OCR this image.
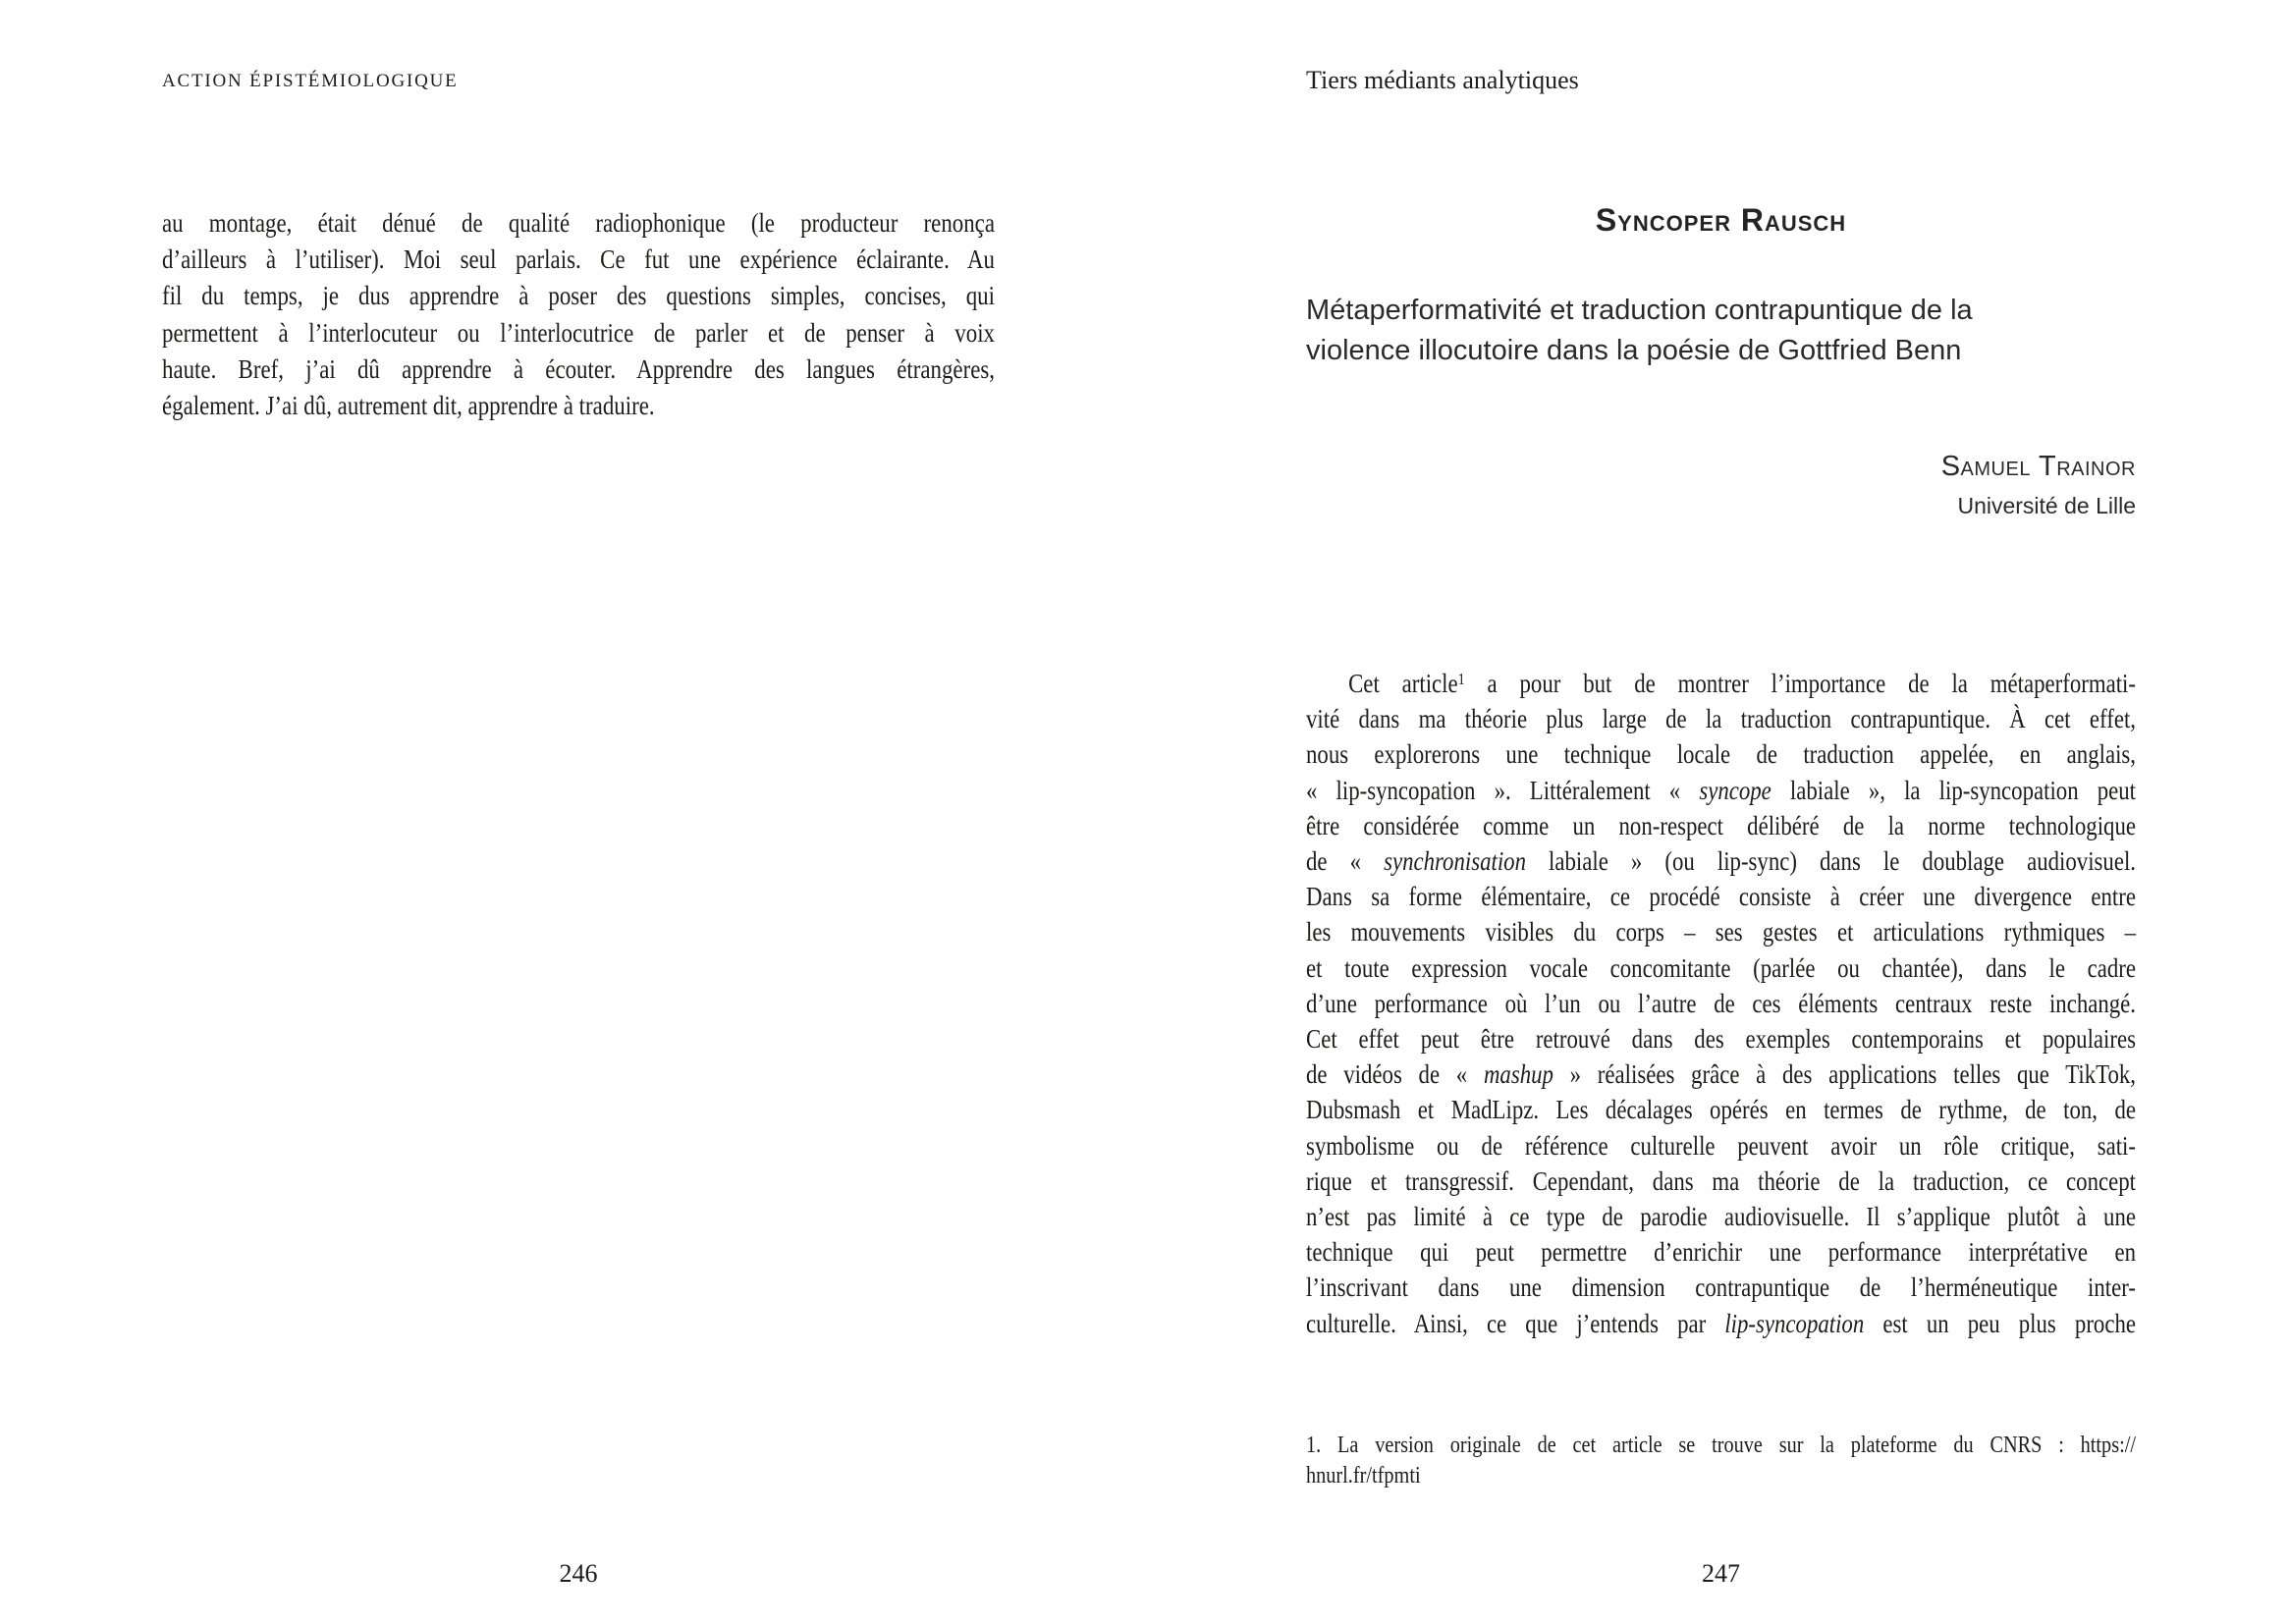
ACTION ÉPISTÉMIOLOGIQUE
au montage, était dénué de qualité radiophonique (le producteur renonça
d’ailleurs à l’utiliser). Moi seul parlais. Ce fut une expérience éclairante. Au
fil du temps, je dus apprendre à poser des questions simples, concises, qui
permettent à l’interlocuteur ou l’interlocutrice de parler et de penser à voix
haute. Bref, j’ai dû apprendre à écouter. Apprendre des langues étrangères,
également. J’ai dû, autrement dit, apprendre à traduire.
246
Tiers médiants analytiques
Syncoper Rausch
Métaperformativité et traduction contrapuntique de la
violence illocutoire dans la poésie de Gottfried Benn
Samuel Trainor
Université de Lille
Cet article$^1$ a pour but de montrer l’importance de la métaperformati-
vité dans ma théorie plus large de la traduction contrapuntique. À cet effet,
nous explorerons une technique locale de traduction appelée, en anglais,
« lip-syncopation ». Littéralement « syncope labiale », la lip-syncopation peut
être considérée comme un non-respect délibéré de la norme technologique
de « synchronisation labiale » (ou lip-sync) dans le doublage audiovisuel.
Dans sa forme élémentaire, ce procédé consiste à créer une divergence entre
les mouvements visibles du corps – ses gestes et articulations rythmiques –
et toute expression vocale concomitante (parlée ou chantée), dans le cadre
d’une performance où l’un ou l’autre de ces éléments centraux reste inchangé.
Cet effet peut être retrouvé dans des exemples contemporains et populaires
de vidéos de « mashup » réalisées grâce à des applications telles que TikTok,
Dubsmash et MadLipz. Les décalages opérés en termes de rythme, de ton, de
symbolisme ou de référence culturelle peuvent avoir un rôle critique, sati-
rique et transgressif. Cependant, dans ma théorie de la traduction, ce concept
n’est pas limité à ce type de parodie audiovisuelle. Il s’applique plutôt à une
technique qui peut permettre d’enrichir une performance interprétative en
l’inscrivant dans une dimension contrapuntique de l’herméneutique inter-
culturelle. Ainsi, ce que j’entends par lip-syncopation est un peu plus proche
1. La version originale de cet article se trouve sur la plateforme du CNRS : https://
hnurl.fr/tfpmti
247
